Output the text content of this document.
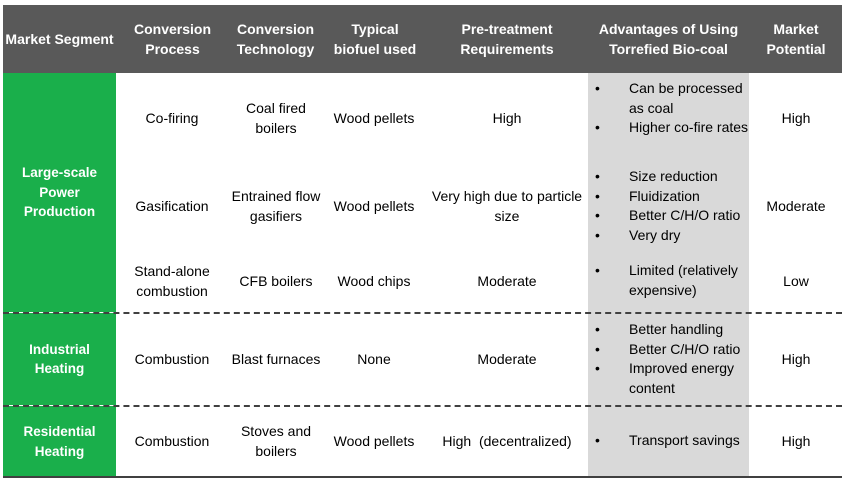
Market Segment
Conversion Process
Conversion Technology
Typical biofuel used
Pre-treatment Requirements
Advantages of Using Torrefied Bio-coal
Market Potential
Large-scale Power Production
Industrial Heating
Residential Heating
Co-firing
Coal fired boilers
Wood pellets	High
• Can be processed as coal
• Higher co-fire rates
High
Gasification
Entrained flow gasifiers
Wood pellets
Very high due to particle size
• Size reduction
• Fluidization
• Better C/H/O ratio
• Very dry
Moderate
Stand-alone combustion
CFB boilers	Wood chips	Moderate
• Limited (relatively expensive)
Low
Combustion	Blast furnaces	None	Moderate
• Better handling
• Better C/H/O ratio
• Improved energy content
High
Combustion
Stoves and boilers
Wood pellets	High  (decentralized)
•	Transport savings	High
